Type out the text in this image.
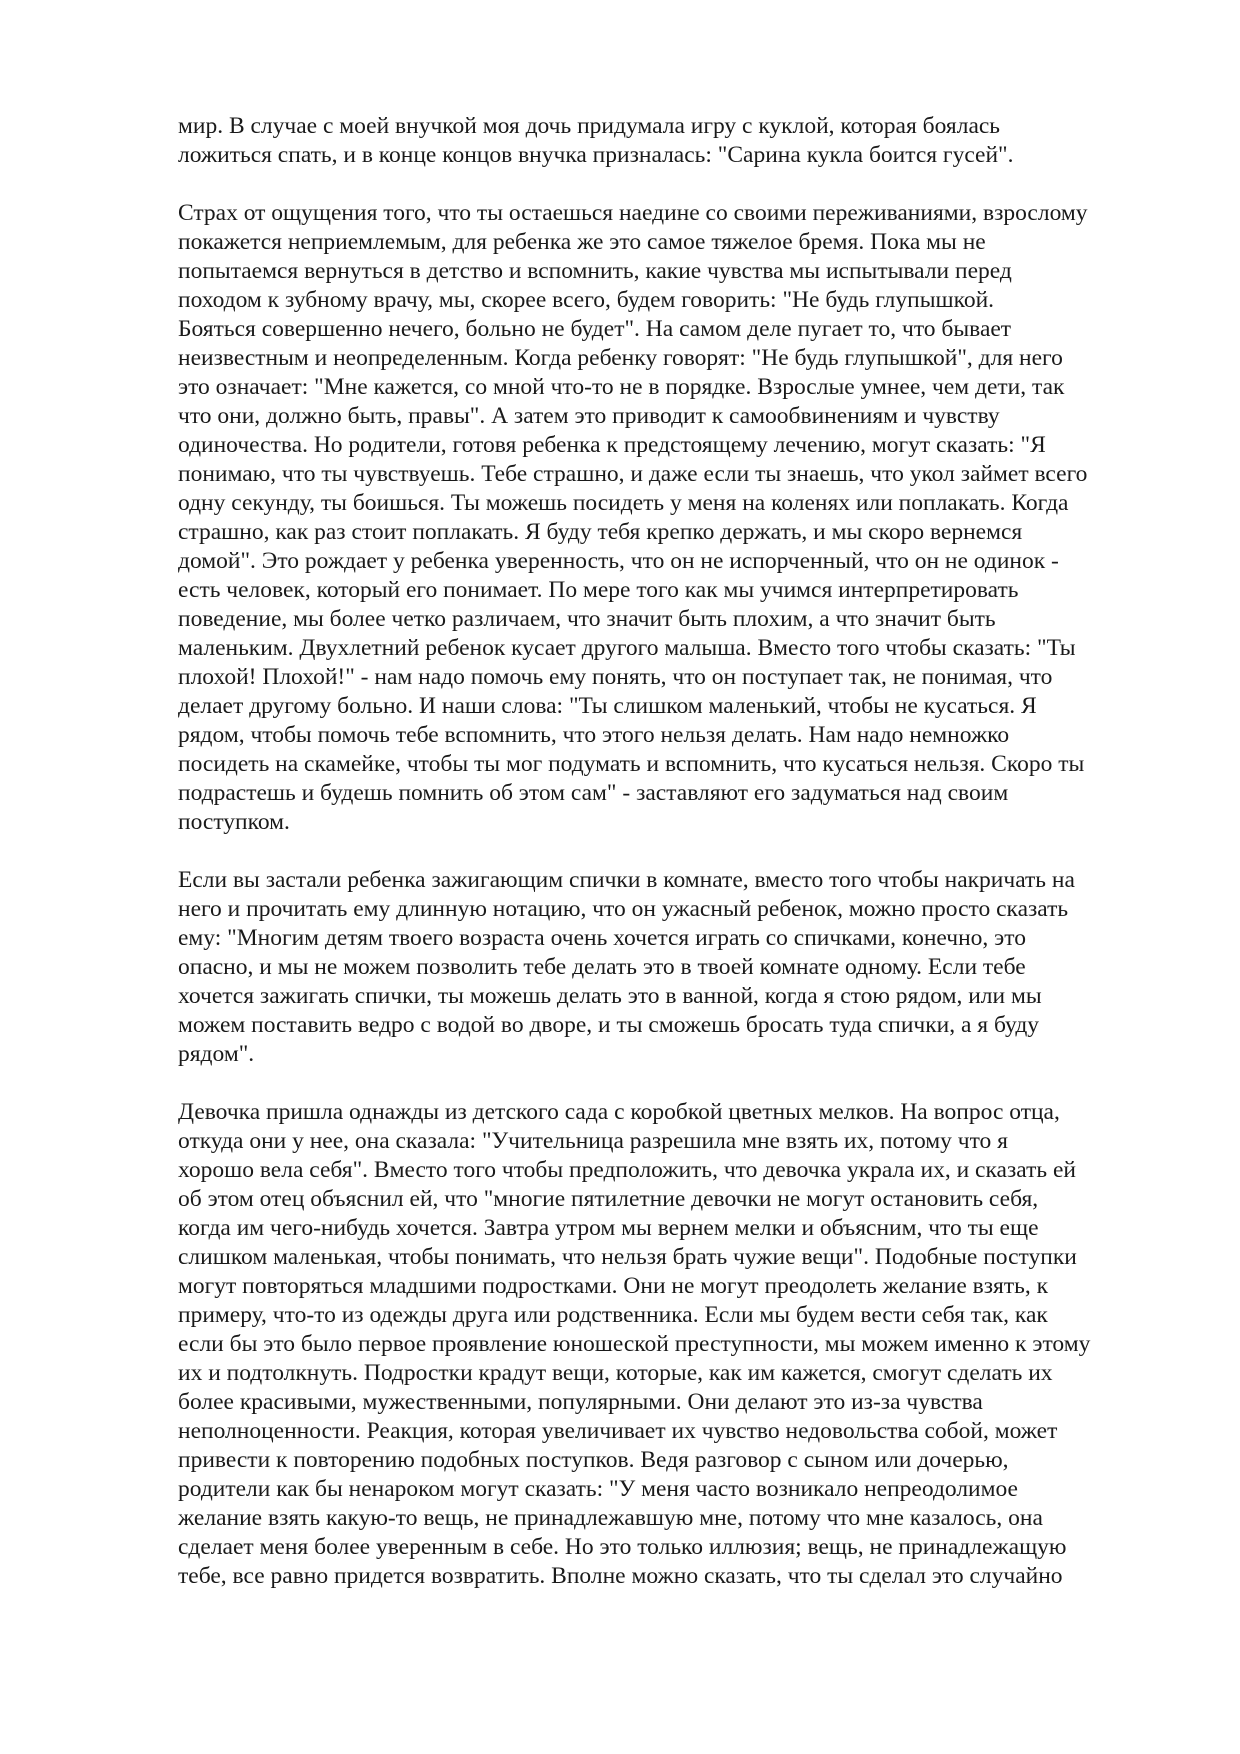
мир. В случае с моей внучкой моя дочь придумала игру с куклой, которая боялась
ложиться спать, и в конце концов внучка призналась: "Сарина кукла боится гусей".

Страх от ощущения того, что ты остаешься наедине со своими переживаниями, взрослому
покажется неприемлемым, для ребенка же это самое тяжелое бремя. Пока мы не
попытаемся вернуться в детство и вспомнить, какие чувства мы испытывали перед
походом к зубному врачу, мы, скорее всего, будем говорить: "Не будь глупышкой.
Бояться совершенно нечего, больно не будет". На самом деле пугает то, что бывает
неизвестным и неопределенным. Когда ребенку говорят: "Не будь глупышкой", для него
это означает: "Мне кажется, со мной что-то не в порядке. Взрослые умнее, чем дети, так
что они, должно быть, правы". А затем это приводит к самообвинениям и чувству
одиночества. Но родители, готовя ребенка к предстоящему лечению, могут сказать: "Я
понимаю, что ты чувствуешь. Тебе страшно, и даже если ты знаешь, что укол займет всего
одну секунду, ты боишься. Ты можешь посидеть у меня на коленях или поплакать. Когда
страшно, как раз стоит поплакать. Я буду тебя крепко держать, и мы скоро вернемся
домой". Это рождает у ребенка уверенность, что он не испорченный, что он не одинок -
есть человек, который его понимает. По мере того как мы учимся интерпретировать
поведение, мы более четко различаем, что значит быть плохим, а что значит быть
маленьким. Двухлетний ребенок кусает другого малыша. Вместо того чтобы сказать: "Ты
плохой! Плохой!" - нам надо помочь ему понять, что он поступает так, не понимая, что
делает другому больно. И наши слова: "Ты слишком маленький, чтобы не кусаться. Я
рядом, чтобы помочь тебе вспомнить, что этого нельзя делать. Нам надо немножко
посидеть на скамейке, чтобы ты мог подумать и вспомнить, что кусаться нельзя. Скоро ты
подрастешь и будешь помнить об этом сам" - заставляют его задуматься над своим
поступком.

Если вы застали ребенка зажигающим спички в комнате, вместо того чтобы накричать на
него и прочитать ему длинную нотацию, что он ужасный ребенок, можно просто сказать
ему: "Многим детям твоего возраста очень хочется играть со спичками, конечно, это
опасно, и мы не можем позволить тебе делать это в твоей комнате одному. Если тебе
хочется зажигать спички, ты можешь делать это в ванной, когда я стою рядом, или мы
можем поставить ведро с водой во дворе, и ты сможешь бросать туда спички, а я буду
рядом".

Девочка пришла однажды из детского сада с коробкой цветных мелков. На вопрос отца,
откуда они у нее, она сказала: "Учительница разрешила мне взять их, потому что я
хорошо вела себя". Вместо того чтобы предположить, что девочка украла их, и сказать ей
об этом отец объяснил ей, что "многие пятилетние девочки не могут остановить себя,
когда им чего-нибудь хочется. Завтра утром мы вернем мелки и объясним, что ты еще
слишком маленькая, чтобы понимать, что нельзя брать чужие вещи". Подобные поступки
могут повторяться младшими подростками. Они не могут преодолеть желание взять, к
примеру, что-то из одежды друга или родственника. Если мы будем вести себя так, как
если бы это было первое проявление юношеской преступности, мы можем именно к этому
их и подтолкнуть. Подростки крадут вещи, которые, как им кажется, смогут сделать их
более красивыми, мужественными, популярными. Они делают это из-за чувства
неполноценности. Реакция, которая увеличивает их чувство недовольства собой, может
привести к повторению подобных поступков. Ведя разговор с сыном или дочерью,
родители как бы ненароком могут сказать: "У меня часто возникало непреодолимое
желание взять какую-то вещь, не принадлежавшую мне, потому что мне казалось, она
сделает меня более уверенным в себе. Но это только иллюзия; вещь, не принадлежащую
тебе, все равно придется возвратить. Вполне можно сказать, что ты сделал это случайно
